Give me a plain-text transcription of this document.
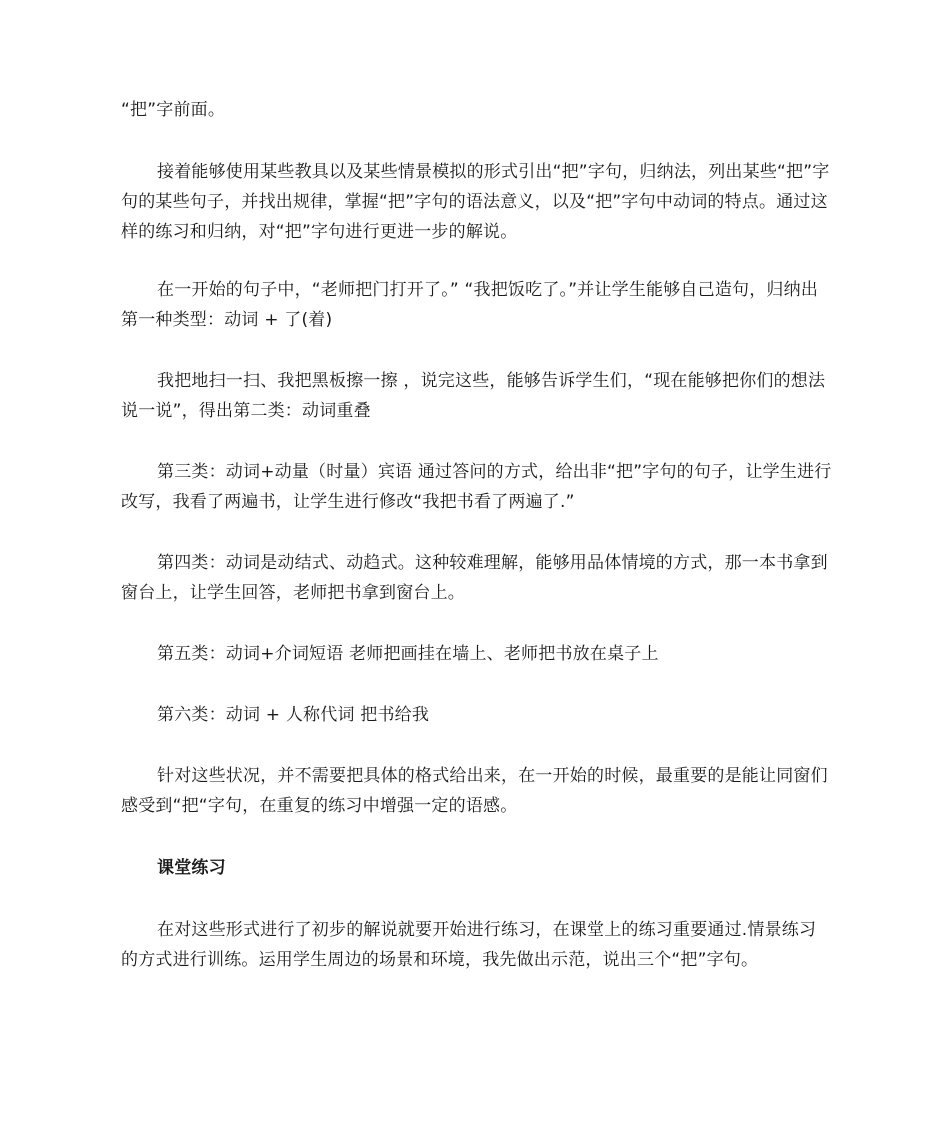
“把”字前面。

接着能够使用某些教具以及某些情景模拟的形式引出“把”字句，归纳法，列出某些“把”字句的某些句子，并找出规律，掌握“把”字句的语法意义，以及“把”字句中动词的特点。通过这样的练习和归纳，对“把”字句进行更进一步的解说。

在一开始的句子中，“老师把门打开了。” “我把饭吃了。”并让学生能够自己造句，归纳出第一种类型：动词 + 了(着)

我把地扫一扫、我把黑板擦一擦 ，说完这些，能够告诉学生们，“现在能够把你们的想法说一说”，得出第二类：动词重叠

第三类：动词+动量（时量）宾语 通过答问的方式，给出非“把”字句的句子，让学生进行改写，我看了两遍书，让学生进行修改“我把书看了两遍了.”

第四类：动词是动结式、动趋式。这种较难理解，能够用品体情境的方式，那一本书拿到窗台上，让学生回答，老师把书拿到窗台上。

第五类：动词+介词短语 老师把画挂在墙上、老师把书放在桌子上

第六类：动词 + 人称代词 把书给我

针对这些状况，并不需要把具体的格式给出来，在一开始的时候，最重要的是能让同窗们感受到“把“字句，在重复的练习中增强一定的语感。

课堂练习

在对这些形式进行了初步的解说就要开始进行练习，在课堂上的练习重要通过.情景练习的方式进行训练。运用学生周边的场景和环境，我先做出示范，说出三个“把”字句。
